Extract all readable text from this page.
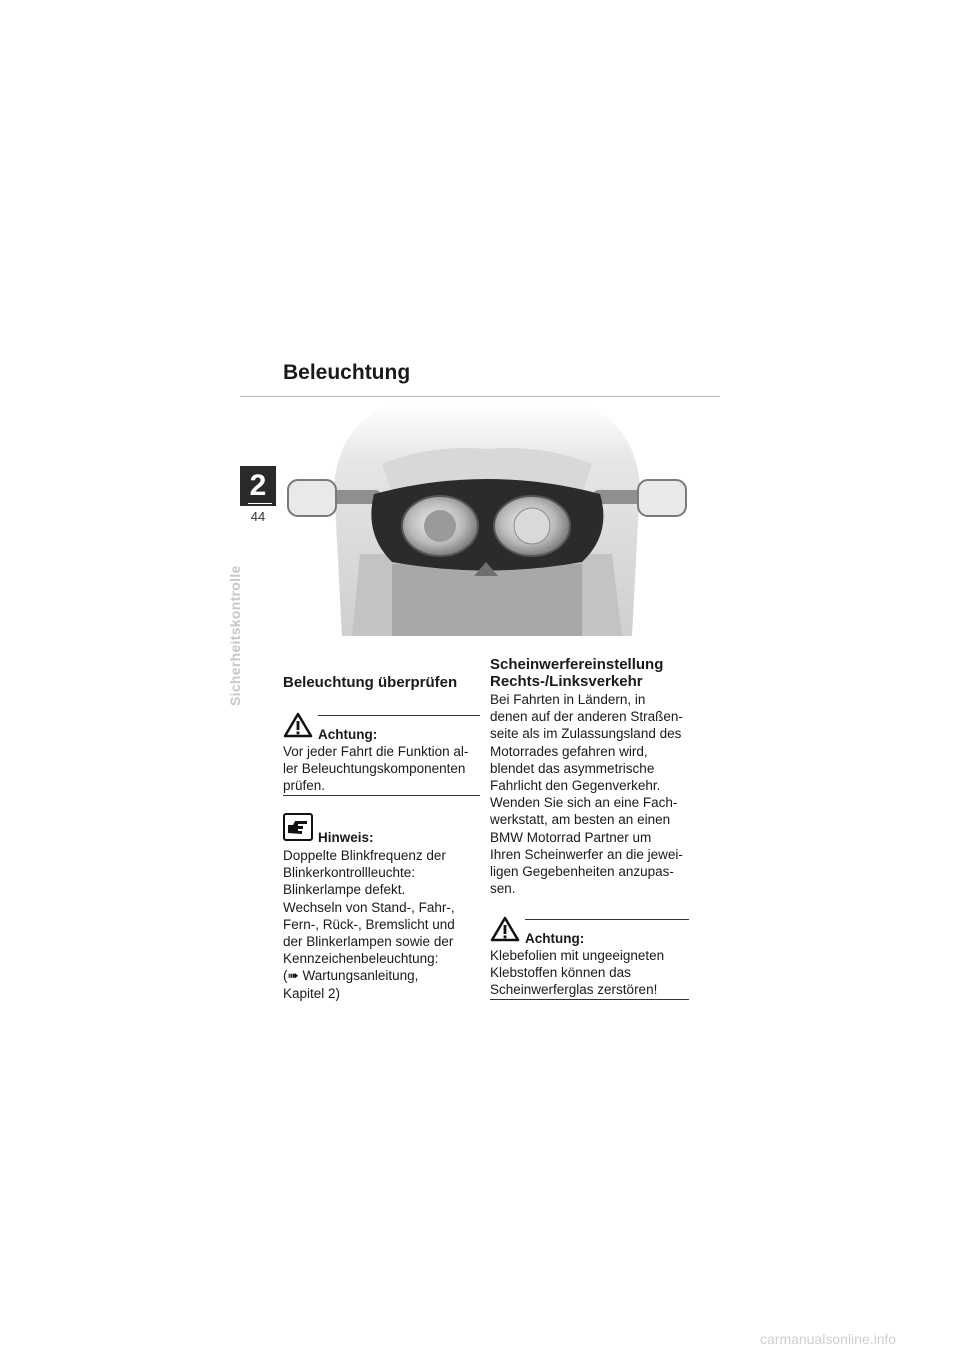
Beleuchtung
2
44
Sicherheitskontrolle	Beleuchtung überprüfen
Achtung:

Vor jeder Fahrt die Funktion al-
ler Beleuchtungskomponenten
prüfen.

Hinweis:

Doppelte Blinkfrequenz der
Blinkerkontrollleuchte:
Blinkerlampe defekt.
Wechseln von Stand-, Fahr-,
Fern-, Rück-, Bremslicht und
der Blinkerlampen sowie der
Kennzeichenbeleuchtung:
(➠ Wartungsanleitung,
Kapitel 2)

Scheinwerfereinstellung
Rechts-/Linksverkehr

Bei Fahrten in Ländern, in
denen auf der anderen Straßen-
seite als im Zulassungsland des
Motorrades gefahren wird,
blendet das asymmetrische
Fahrlicht den Gegenverkehr.
Wenden Sie sich an eine Fach-
werkstatt, am besten an einen
BMW Motorrad Partner um
Ihren Scheinwerfer an die jewei-
ligen Gegebenheiten anzupas-
sen.

Achtung:

Klebefolien mit ungeeigneten
Klebstoffen können das
Scheinwerferglas zerstören!

carmanualsonline.info
